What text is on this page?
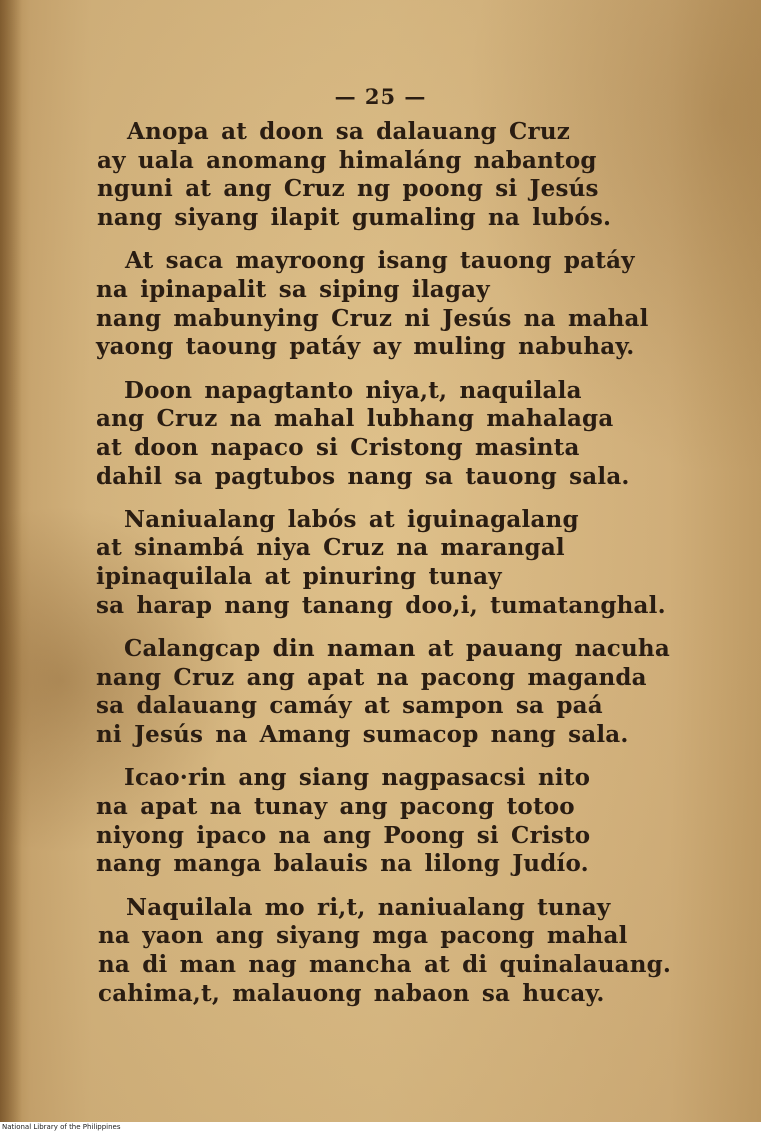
— 25 —
Anopa at doon sa dalauang Cruz
ay uala anomang himaláng nabantog
nguni at ang Cruz ng poong si Jesús
nang siyang ilapit gumaling na lubós.
At saca mayroong isang tauong patáy
na ipinapalit sa siping ilagay
nang mabunying Cruz ni Jesús na mahal
yaong taoung patáy ay muling nabuhay.
Doon napagtanto niya,t, naquilala
ang Cruz na mahal lubhang mahalaga
at doon napaco si Cristong masinta
dahil sa pagtubos nang sa tauong sala.
Naniualang labós at iguinagalang
at sinambá niya Cruz na marangal
ipinaquilala at pinuring tunay
sa harap nang tanang doo,i, tumatanghal.
Calangcap din naman at pauang nacuha
nang Cruz ang apat na pacong maganda
sa dalauang camáy at sampon sa paá
ni Jesús na Amang sumacop nang sala.
Icao·rin ang siang nagpasacsi nito
na apat na tunay ang pacong totoo
niyong ipaco na ang Poong si Cristo
nang manga balauis na lilong Judío.
Naquilala mo ri,t, naniualang tunay
na yaon ang siyang mga pacong mahal
na di man nag mancha at di quinalauang.
cahima,t, malauong nabaon sa hucay.
National Library of the Philippines
